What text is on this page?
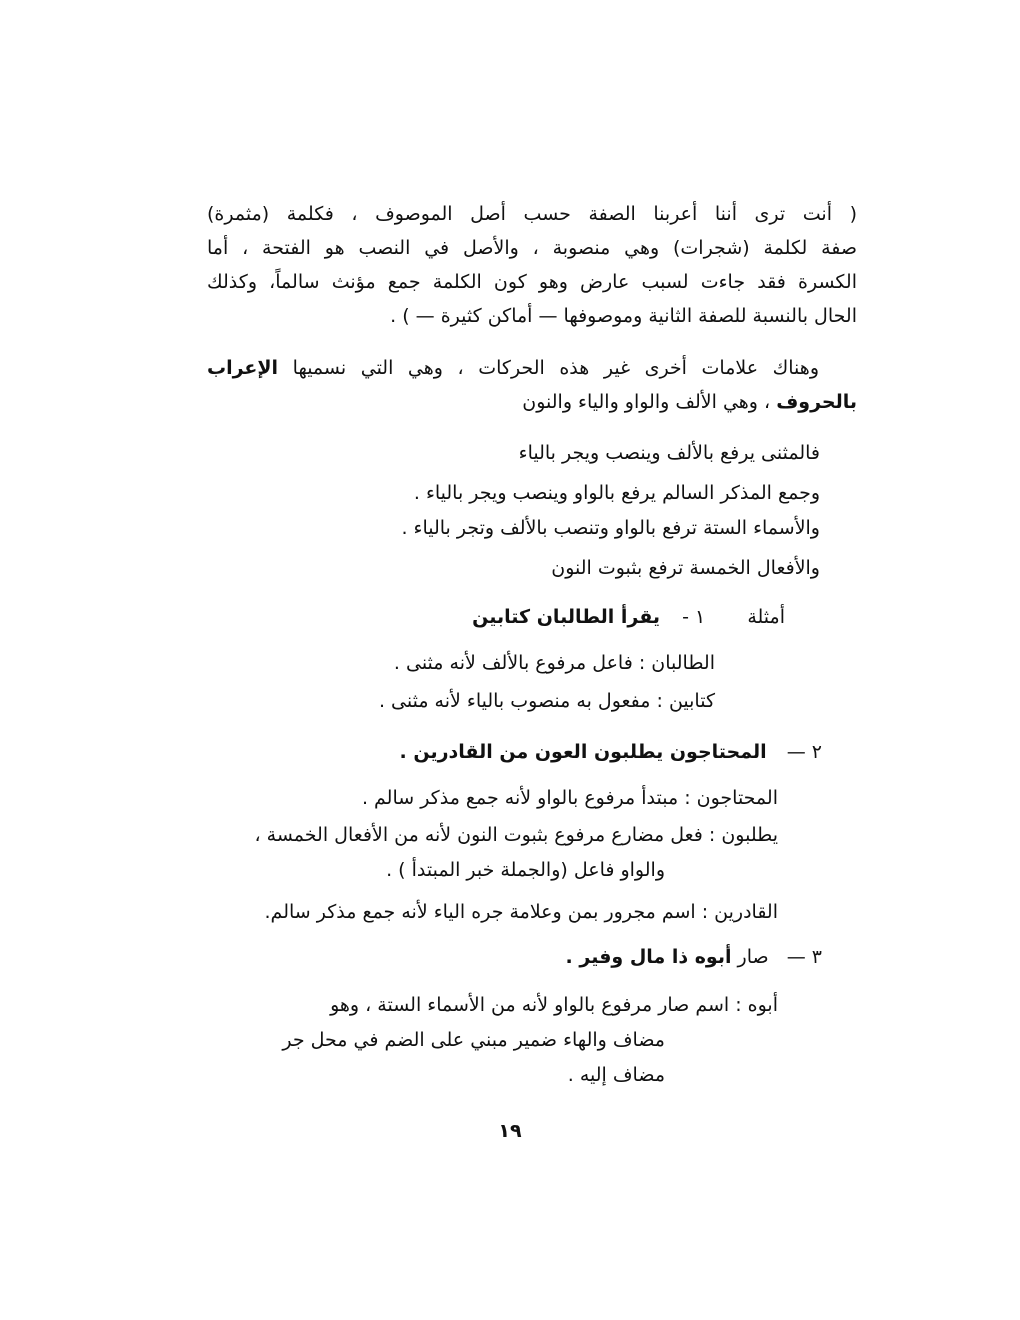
( أنت ترى أننا أعربنا الصفة حسب أصل الموصوف ، فكلمة (مثمرة)
صفة لكلمة (شجرات) وهي منصوبة ، والأصل في النصب هو الفتحة ، أما
الكسرة فقد جاءت لسبب عارض وهو كون الكلمة جمع مؤنث سالماً، وكذلك
الحال بالنسبة للصفة الثانية وموصوفها — أماكن كثيرة — ) .
وهناك علامات أخرى غير هذه الحركات ، وهي التي نسميها الإعراب
بالحروف ، وهي الألف والواو والياء والنون
فالمثنى يرفع بالألف وينصب ويجر بالياء
وجمع المذكر السالم يرفع بالواو وينصب ويجر بالياء .
والأسماء الستة ترفع بالواو وتنصب بالألف وتجر بالياء .
والأفعال الخمسة ترفع بثبوت النون
أمثلة  ١ -  يقرأ الطالبان كتابين
الطالبان : فاعل مرفوع بالألف لأنه مثنى .
كتابين : مفعول به منصوب بالياء لأنه مثنى .
٢ —  المحتاجون يطلبون العون من القادرين .
المحتاجون : مبتدأ مرفوع بالواو لأنه جمع مذكر سالم .
يطلبون : فعل مضارع مرفوع بثبوت النون لأنه من الأفعال الخمسة ،
والواو فاعل (والجملة خبر المبتدأ ) .
القادرين : اسم مجرور بمن وعلامة جره الياء لأنه جمع مذكر سالم.
٣ —  صار أبوه ذا مال وفير .
أبوه : اسم صار مرفوع بالواو لأنه من الأسماء الستة ، وهو
مضاف والهاء ضمير مبني على الضم في محل جر
مضاف إليه .
١٩
